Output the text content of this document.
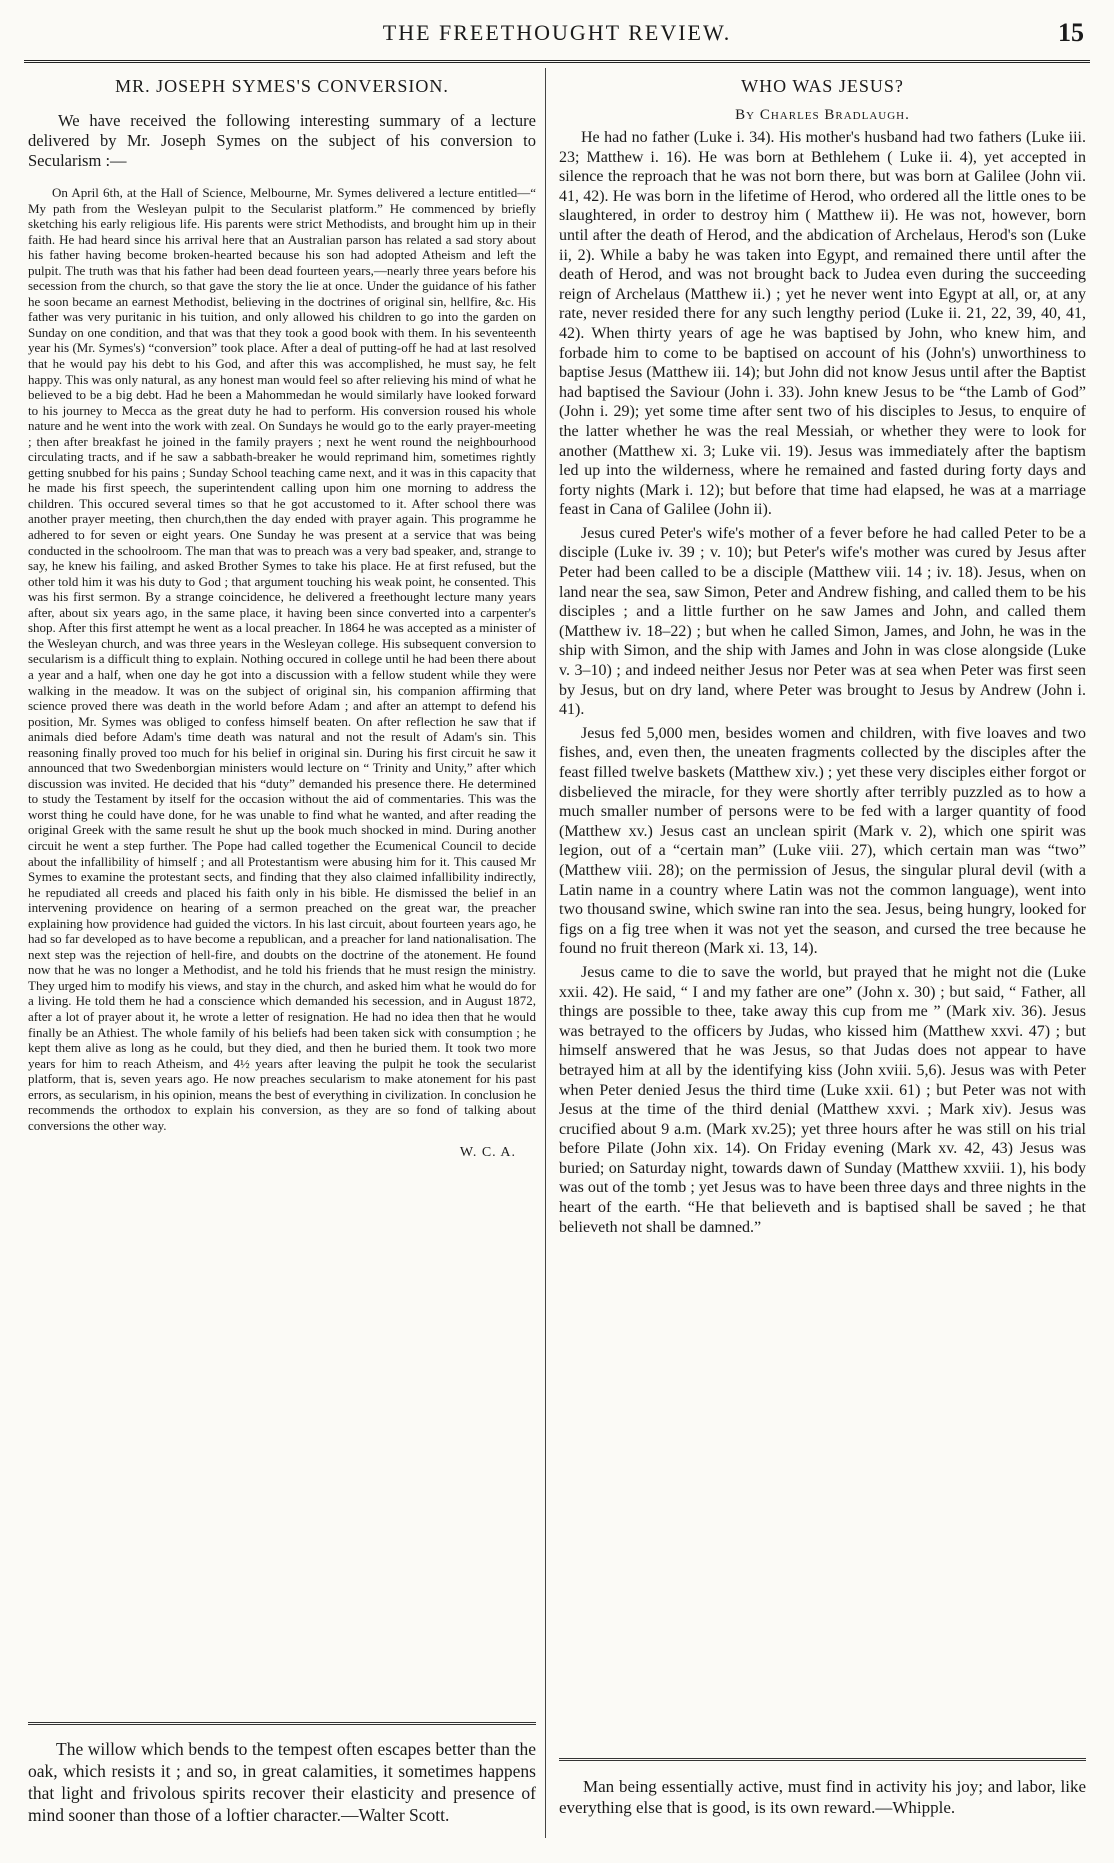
THE FREETHOUGHT REVIEW.	15
MR. JOSEPH SYMES'S CONVERSION.

We have received the following interesting summary of a lecture delivered by Mr. Joseph Symes on the subject of his conversion to Secularism :—

On April 6th, at the Hall of Science, Melbourne, Mr. Symes delivered a lecture entitled—“ My path from the Wesleyan pulpit to the Secularist platform.” He commenced by briefly sketching his early religious life. His parents were strict Methodists, and brought him up in their faith. He had heard since his arrival here that an Australian parson has related a sad story about his father having become broken-hearted because his son had adopted Atheism and left the pulpit. The truth was that his father had been dead fourteen years,—nearly three years before his secession from the church, so that gave the story the lie at once. Under the guidance of his father he soon became an earnest Methodist, believing in the doctrines of original sin, hellfire, &c. His father was very puritanic in his tuition, and only allowed his children to go into the garden on Sunday on one condition, and that was that they took a good book with them. In his seventeenth year his (Mr. Symes's) “conversion” took place. After a deal of putting-off he had at last resolved that he would pay his debt to his God, and after this was accomplished, he must say, he felt happy. This was only natural, as any honest man would feel so after relieving his mind of what he believed to be a big debt. Had he been a Mahommedan he would similarly have looked forward to his journey to Mecca as the great duty he had to perform. His conversion roused his whole nature and he went into the work with zeal. On Sundays he would go to the early prayer-meeting ; then after breakfast he joined in the family prayers ; next he went round the neighbourhood circulating tracts, and if he saw a sabbath-breaker he would reprimand him, sometimes rightly getting snubbed for his pains ; Sunday School teaching came next, and it was in this capacity that he made his first speech, the superintendent calling upon him one morning to address the children. This occured several times so that he got accustomed to it. After school there was another prayer meeting, then church,then the day ended with prayer again. This programme he adhered to for seven or eight years. One Sunday he was present at a service that was being conducted in the schoolroom. The man that was to preach was a very bad speaker, and, strange to say, he knew his failing, and asked Brother Symes to take his place. He at first refused, but the other told him it was his duty to God ; that argument touching his weak point, he consented. This was his first sermon. By a strange coincidence, he delivered a freethought lecture many years after, about six years ago, in the same place, it having been since converted into a carpenter's shop. After this first attempt he went as a local preacher. In 1864 he was accepted as a minister of the Wesleyan church, and was three years in the Wesleyan college. His subsequent conversion to secularism is a difficult thing to explain. Nothing occured in college until he had been there about a year and a half, when one day he got into a discussion with a fellow student while they were walking in the meadow. It was on the subject of original sin, his companion affirming that science proved there was death in the world before Adam ; and after an attempt to defend his position, Mr. Symes was obliged to confess himself beaten. On after reflection he saw that if animals died before Adam's time death was natural and not the result of Adam's sin. This reasoning finally proved too much for his belief in original sin. During his first circuit he saw it announced that two Swedenborgian ministers would lecture on “ Trinity and Unity,” after which discussion was invited. He decided that his “duty” demanded his presence there. He determined to study the Testament by itself for the occasion without the aid of commentaries. This was the worst thing he could have done, for he was unable to find what he wanted, and after reading the original Greek with the same result he shut up the book much shocked in mind. During another circuit he went a step further. The Pope had called together the Ecumenical Council to decide about the infallibility of himself ; and all Protestantism were abusing him for it. This caused Mr Symes to examine the protestant sects, and finding that they also claimed infallibility indirectly, he repudiated all creeds and placed his faith only in his bible. He dismissed the belief in an intervening providence on hearing of a sermon preached on the great war, the preacher explaining how providence had guided the victors. In his last circuit, about fourteen years ago, he had so far developed as to have become a republican, and a preacher for land nationalisation. The next step was the rejection of hell-fire, and doubts on the doctrine of the atonement. He found now that he was no longer a Methodist, and he told his friends that he must resign the ministry. They urged him to modify his views, and stay in the church, and asked him what he would do for a living. He told them he had a conscience which demanded his secession, and in August 1872, after a lot of prayer about it, he wrote a letter of resignation. He had no idea then that he would finally be an Athiest. The whole family of his beliefs had been taken sick with consumption ; he kept them alive as long as he could, but they died, and then he buried them. It took two more years for him to reach Atheism, and 4½ years after leaving the pulpit he took the secularist platform, that is, seven years ago. He now preaches secularism to make atonement for his past errors, as secularism, in his opinion, means the best of everything in civilization. In conclusion he recommends the orthodox to explain his conversion, as they are so fond of talking about conversions the other way.

W. C. A.

The willow which bends to the tempest often escapes better than the oak, which resists it ; and so, in great calamities, it sometimes happens that light and frivolous spirits recover their elasticity and presence of mind sooner than those of a loftier character.—Walter Scott.

WHO WAS JESUS?
By Charles Bradlaugh.

He had no father (Luke i. 34). His mother's husband had two fathers (Luke iii. 23; Matthew i. 16). He was born at Bethlehem ( Luke ii. 4), yet accepted in silence the reproach that he was not born there, but was born at Galilee (John vii. 41, 42). He was born in the lifetime of Herod, who ordered all the little ones to be slaughtered, in order to destroy him ( Matthew ii). He was not, however, born until after the death of Herod, and the abdication of Archelaus, Herod's son (Luke ii, 2). While a baby he was taken into Egypt, and remained there until after the death of Herod, and was not brought back to Judea even during the succeeding reign of Archelaus (Matthew ii.) ; yet he never went into Egypt at all, or, at any rate, never resided there for any such lengthy period (Luke ii. 21, 22, 39, 40, 41, 42). When thirty years of age he was baptised by John, who knew him, and forbade him to come to be baptised on account of his (John's) unworthiness to baptise Jesus (Matthew iii. 14); but John did not know Jesus until after the Baptist had baptised the Saviour (John i. 33). John knew Jesus to be “the Lamb of God” (John i. 29); yet some time after sent two of his disciples to Jesus, to enquire of the latter whether he was the real Messiah, or whether they were to look for another (Matthew xi. 3; Luke vii. 19). Jesus was immediately after the baptism led up into the wilderness, where he remained and fasted during forty days and forty nights (Mark i. 12); but before that time had elapsed, he was at a marriage feast in Cana of Galilee (John ii).

Jesus cured Peter's wife's mother of a fever before he had called Peter to be a disciple (Luke iv. 39 ; v. 10); but Peter's wife's mother was cured by Jesus after Peter had been called to be a disciple (Matthew viii. 14 ; iv. 18). Jesus, when on land near the sea, saw Simon, Peter and Andrew fishing, and called them to be his disciples ; and a little further on he saw James and John, and called them (Matthew iv. 18–22) ; but when he called Simon, James, and John, he was in the ship with Simon, and the ship with James and John in was close alongside (Luke v. 3–10) ; and indeed neither Jesus nor Peter was at sea when Peter was first seen by Jesus, but on dry land, where Peter was brought to Jesus by Andrew (John i. 41).

Jesus fed 5,000 men, besides women and children, with five loaves and two fishes, and, even then, the uneaten fragments collected by the disciples after the feast filled twelve baskets (Matthew xiv.) ; yet these very disciples either forgot or disbelieved the miracle, for they were shortly after terribly puzzled as to how a much smaller number of persons were to be fed with a larger quantity of food (Matthew xv.) Jesus cast an unclean spirit (Mark v. 2), which one spirit was legion, out of a “certain man” (Luke viii. 27), which certain man was “two” (Matthew viii. 28); on the permission of Jesus, the singular plural devil (with a Latin name in a country where Latin was not the common language), went into two thousand swine, which swine ran into the sea. Jesus, being hungry, looked for figs on a fig tree when it was not yet the season, and cursed the tree because he found no fruit thereon (Mark xi. 13, 14).

Jesus came to die to save the world, but prayed that he might not die (Luke xxii. 42). He said, “ I and my father are one” (John x. 30) ; but said, “ Father, all things are possible to thee, take away this cup from me ” (Mark xiv. 36). Jesus was betrayed to the officers by Judas, who kissed him (Matthew xxvi. 47) ; but himself answered that he was Jesus, so that Judas does not appear to have betrayed him at all by the identifying kiss (John xviii. 5,6). Jesus was with Peter when Peter denied Jesus the third time (Luke xxii. 61) ; but Peter was not with Jesus at the time of the third denial (Matthew xxvi. ; Mark xiv). Jesus was crucified about 9 a.m. (Mark xv.25); yet three hours after he was still on his trial before Pilate (John xix. 14). On Friday evening (Mark xv. 42, 43) Jesus was buried; on Saturday night, towards dawn of Sunday (Matthew xxviii. 1), his body was out of the tomb ; yet Jesus was to have been three days and three nights in the heart of the earth. “He that believeth and is baptised shall be saved ; he that believeth not shall be damned.”

Man being essentially active, must find in activity his joy; and labor, like everything else that is good, is its own reward.—Whipple.
